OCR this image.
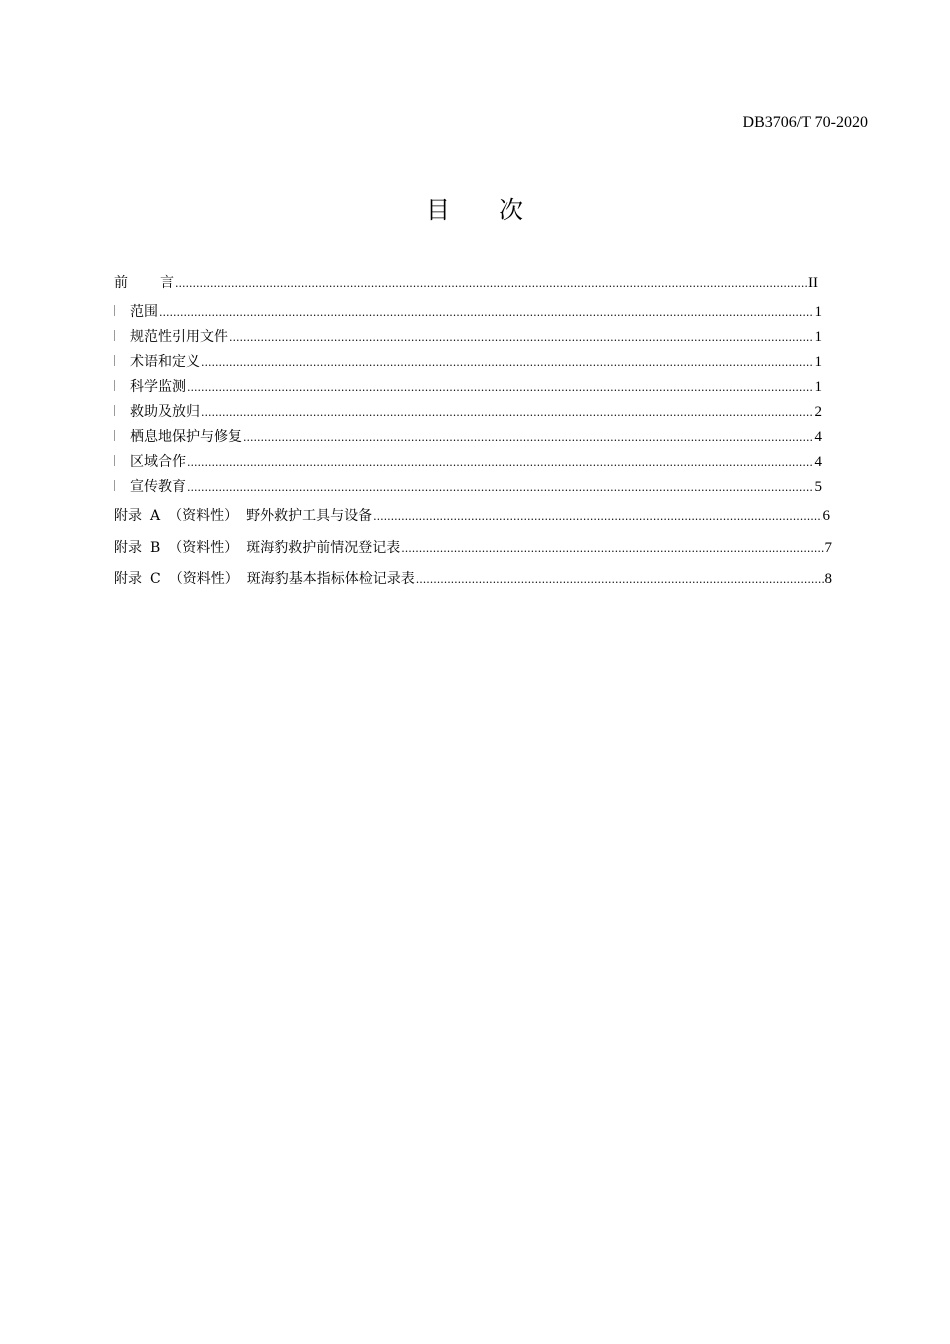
DB3706/T 70-2020
目 次
前 言 .....	II
范围 .....	1
规范性引用文件 .....	1
术语和定义 .....	1
科学监测 .....	1
救助及放归 .....	2
栖息地保护与修复 .....	4
区域合作 .....	4
宣传教育 .....	5
附录 A （资料性） 野外救护工具与设备 .....	6
附录 B （资料性） 斑海豹救护前情况登记表 .....	7
附录 C （资料性） 斑海豹基本指标体检记录表 .....	8
